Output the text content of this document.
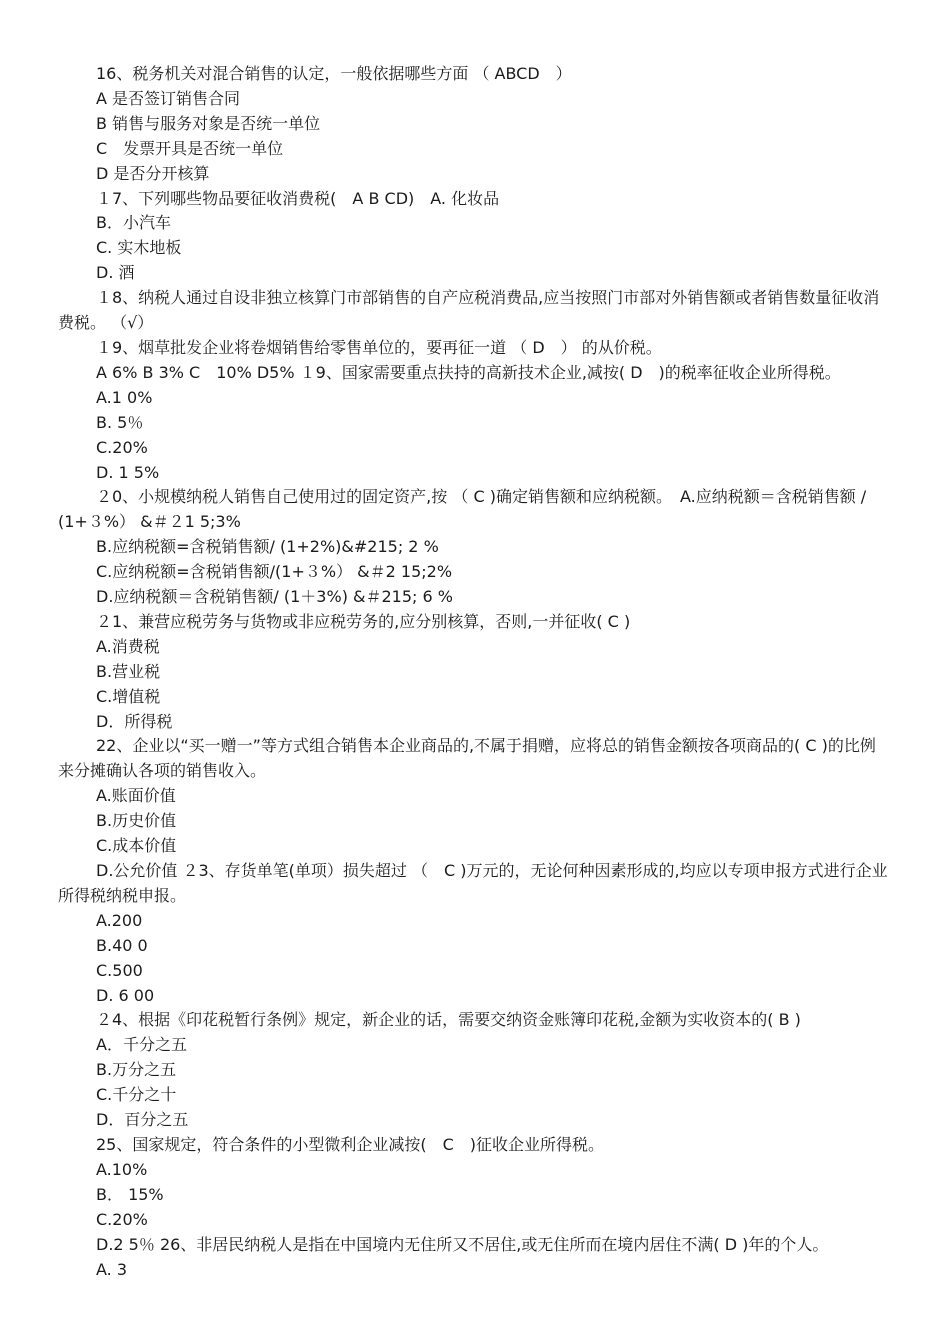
16、税务机关对混合销售的认定，一般依据哪些方面 （ ABCD　）

A 是否签订销售合同

B 销售与服务对象是否统一单位

C　发票开具是否统一单位

D 是否分开核算

１7、下列哪些物品要征收消费税(　A B CD)　A. 化妆品

B．小汽车

C. 实木地板

D. 酒

１8、纳税人通过自设非独立核算门市部销售的自产应税消费品,应当按照门市部对外销售额或者销售数量征收消费税。 （√）

１9、烟草批发企业将卷烟销售给零售单位的，要再征一道 （ D　） 的从价税。

A 6% B 3% C　10% D5% １9、国家需要重点扶持的高新技术企业,减按( D　)的税率征收企业所得税。

A.1 0%

B. 5％

C.20%

D. 1 5%

２0、小规模纳税人销售自己使用过的固定资产,按 （ C )确定销售额和应纳税额。　A.应纳税额＝含税销售额 / (1+３%） &＃２1 5;3%

B.应纳税额=含税销售额/ (1+2%)&#215; 2 %

C.应纳税额=含税销售额/(1+３%） &＃2 15;2%

D.应纳税额＝含税销售额/ (1＋3%) &＃215; 6 %

２1、兼营应税劳务与货物或非应税劳务的,应分别核算，否则,一并征收( C )

A.消费税

B.营业税

C.增值税

D．所得税

22、企业以“买一赠一”等方式组合销售本企业商品的,不属于捐赠，应将总的销售金额按各项商品的( C )的比例来分摊确认各项的销售收入。

A.账面价值

B.历史价值

C.成本价值

D.公允价值 ２3、存货单笔(单项）损失超过 （　C )万元的，无论何种因素形成的,均应以专项申报方式进行企业所得税纳税申报。

A.200

B.40 0

C.500

D. 6 00

２4、根据《印花税暂行条例》规定，新企业的话，需要交纳资金账簿印花税,金额为实收资本的( B )

A．千分之五

B.万分之五

C.千分之十

D．百分之五

25、国家规定，符合条件的小型微利企业减按(　C　)征收企业所得税。

A.10%

B． 15%

C.20%

D.2 5％ 26、非居民纳税人是指在中国境内无住所又不居住,或无住所而在境内居住不满( D )年的个人。

A. 3
